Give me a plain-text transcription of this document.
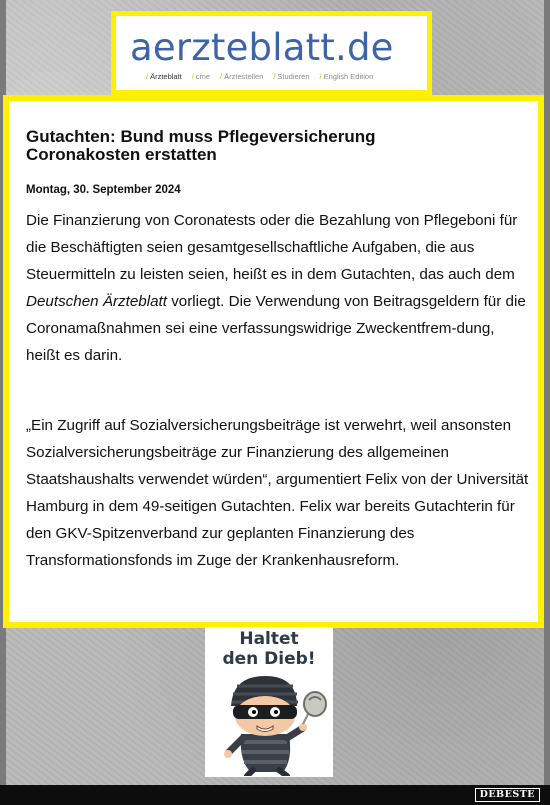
aerzteblatt.de
/ Ärzteblatt / cme / Ärztestellen / Studieren / English Edition
Gutachten: Bund muss Pflegeversicherung
Coronakosten erstatten
Montag, 30. September 2024

Die Finanzierung von Coronatests oder die Bezahlung von Pflegeboni für die Beschäftigten seien gesamtgesellschaftliche Aufgaben, die aus Steuermitteln zu leisten seien, heißt es in dem Gutachten, das auch dem Deutschen Ärzteblatt vorliegt. Die Verwendung von Beitragsgeldern für die Coronamaßnahmen sei eine verfassungswidrige Zweckentfrem-dung, heißt es darin.

„Ein Zugriff auf Sozialversicherungsbeiträge ist verwehrt, weil ansonsten Sozialversicherungsbeiträge zur Finanzierung des allgemeinen Staatshaushalts verwendet würden“, argumentiert Felix von der Universität Hamburg in dem 49-seitigen Gutachten. Felix war bereits Gutachterin für den GKV-Spitzenverband zur geplanten Finanzierung des Transformationsfonds im Zuge der Krankenhausreform.

Haltet
den Dieb!
DEBESTE
